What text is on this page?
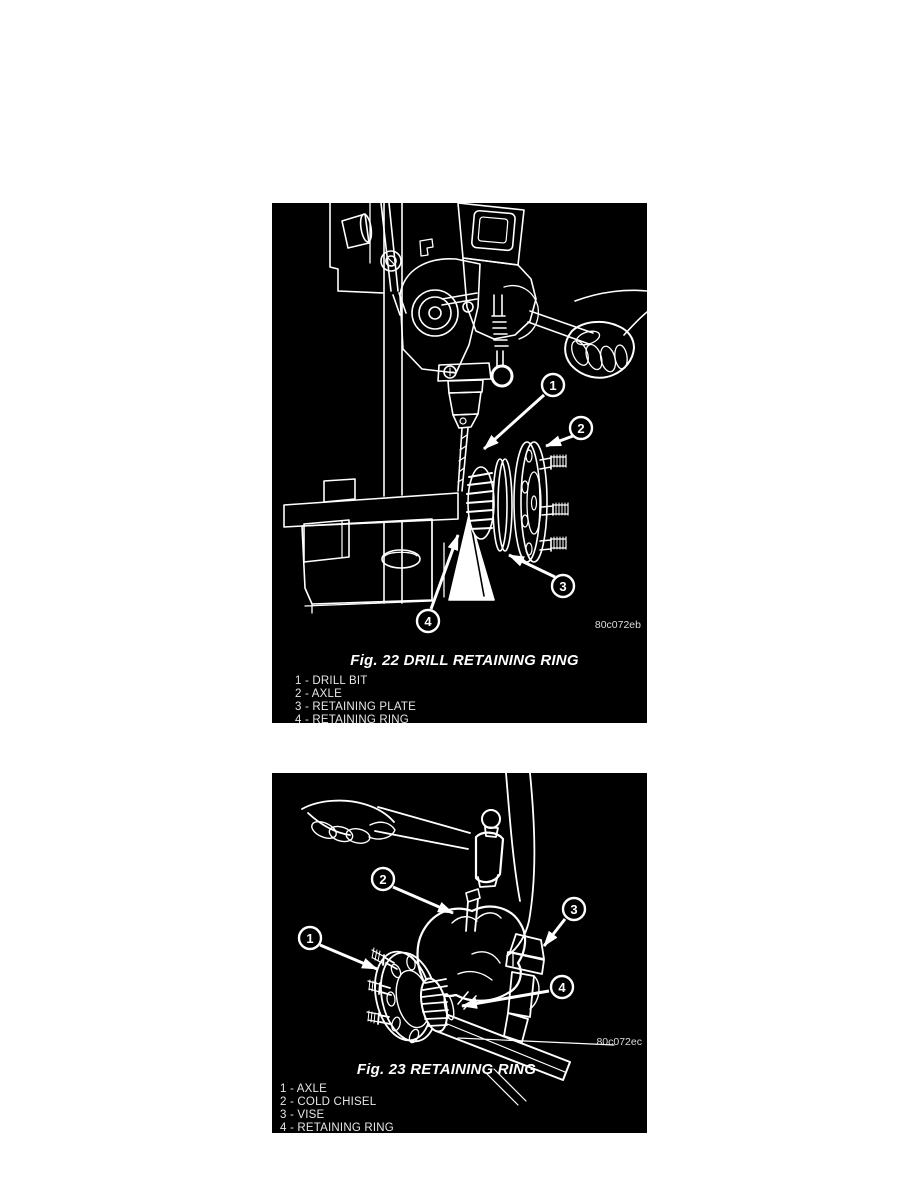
1
2
3
4	80c072eb
Fig. 22 DRILL RETAINING RING
1 - DRILL BIT
2 - AXLE
3 - RETAINING PLATE
4 - RETAINING RING
1
2
3
4
80c072ec
Fig. 23 RETAINING RING
1 - AXLE
2 - COLD CHISEL
3 - VISE
4 - RETAINING RING
